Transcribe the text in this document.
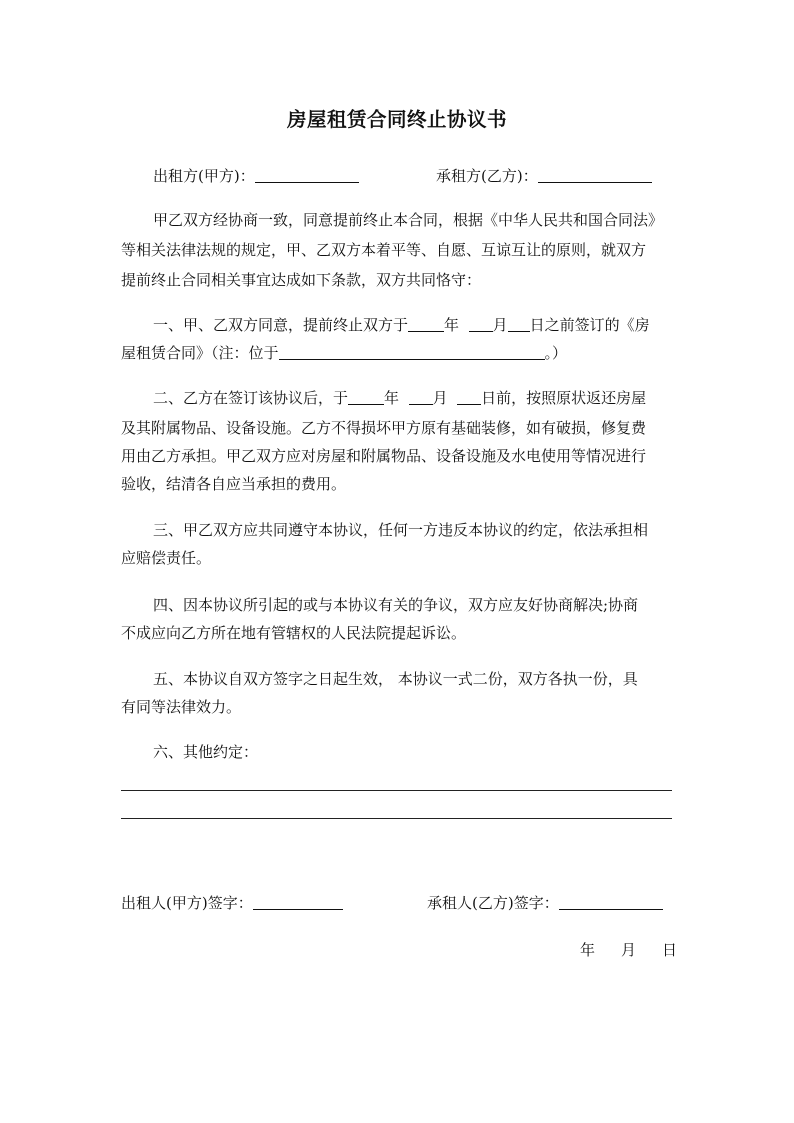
房屋租赁合同终止协议书
出租方(甲方)：	承租方(乙方)：
甲乙双方经协商一致，同意提前终止本合同，根据《中华人民共和国合同法》
等相关法律法规的规定，甲、乙双方本着平等、自愿、互谅互让的原则，就双方
提前终止合同相关事宜达成如下条款，双方共同恪守：
一、甲、乙双方同意，提前终止双方于 年 月 日之前签订的《房
屋租赁合同》（注：位于	。）
二、乙方在签订该协议后，于 年 月 日前，按照原状返还房屋
及其附属物品、设备设施。乙方不得损坏甲方原有基础装修，如有破损，修复费
用由乙方承担。甲乙双方应对房屋和附属物品、设备设施及水电使用等情况进行
验收，结清各自应当承担的费用。
三、甲乙双方应共同遵守本协议，任何一方违反本协议的约定，依法承担相
应赔偿责任。
四、因本协议所引起的或与本协议有关的争议，双方应友好协商解决;协商
不成应向乙方所在地有管辖权的人民法院提起诉讼。
五、本协议自双方签字之日起生效， 本协议一式二份，双方各执一份，具
有同等法律效力。
六、其他约定：
出租人(甲方)签字：	承租人(乙方)签字：
年 月 日
